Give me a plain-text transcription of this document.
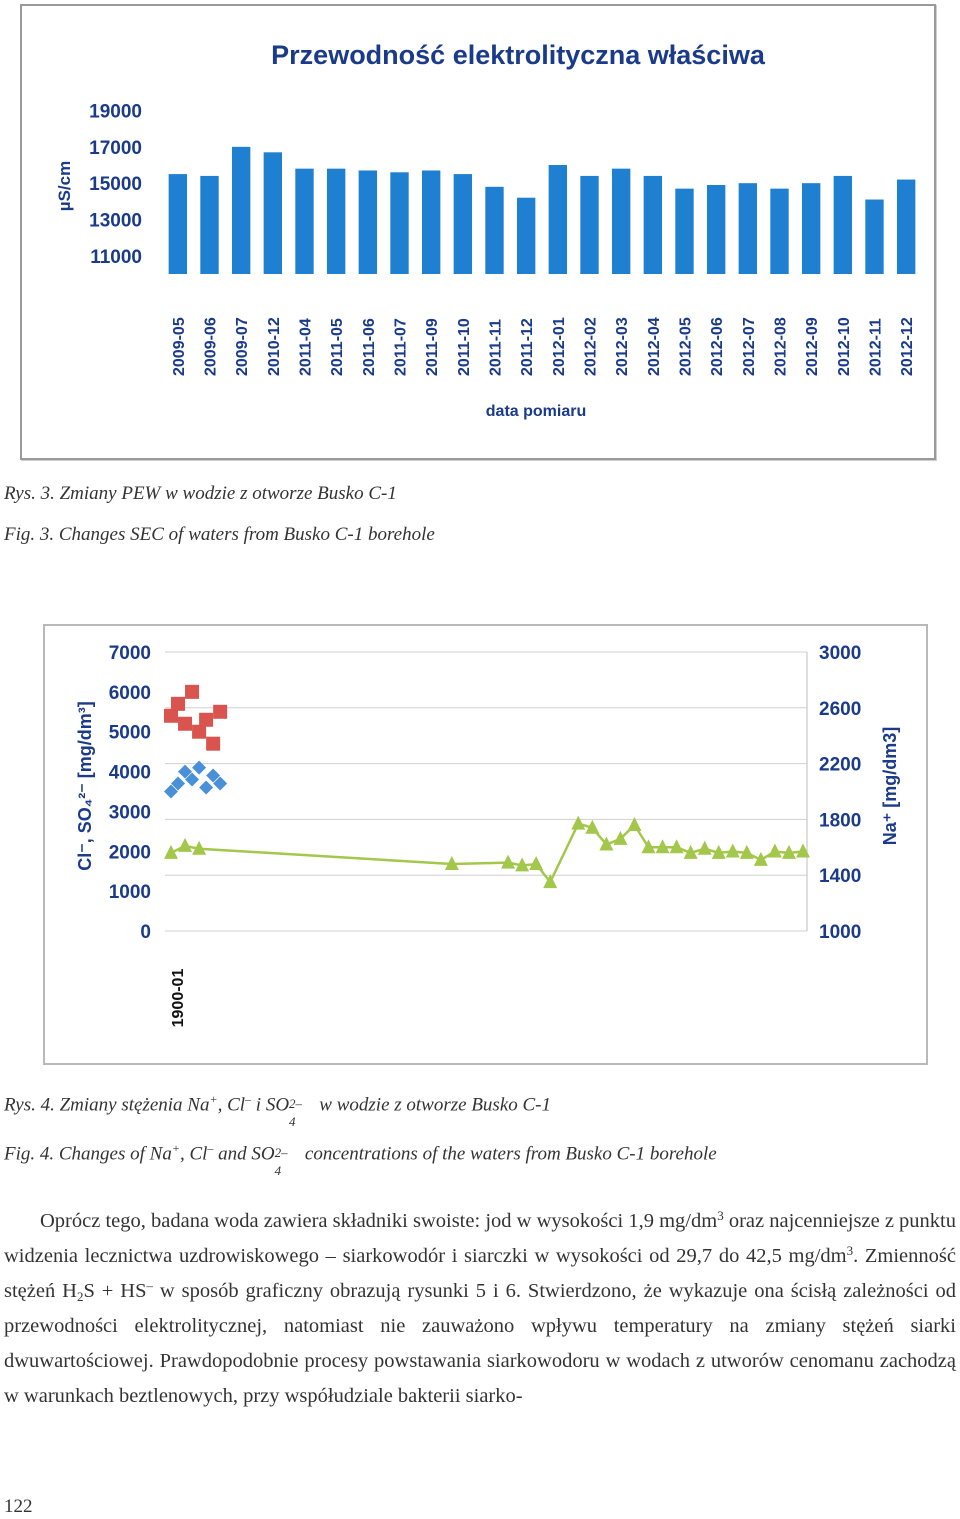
Przewodność elektrolityczna właściwa
µS/cm
data pomiaru
11000
13000
15000
17000
19000
2009-05 2009-06 2009-07 2010-12 2011-04 2011-05 2011-06 2011-07 2011-09 2011-10 2011-11 2011-12 2012-01 2012-02 2012-03 2012-04 2012-05 2012-06 2012-07 2012-08 2012-09 2012-10 2012-11 2012-12
Rys. 3. Zmiany PEW w wodzie z otworze Busko C-1
Fig. 3. Changes SEC of waters from Busko C-1 borehole
Cl⁻, SO₄²⁻ [mg/dm³]	Na⁺ [mg/dm3]
1000
1400
1800
2200
2600
3000
0
1000
2000
3000
4000
5000
6000
7000
1900-01
Rys. 4. Zmiany stężenia Na+, Cl– i SO 2–
4
w wodzie z otworze Busko C-1
Fig. 4. Changes of Na+, Cl– and SO 2–
4
concentrations of the waters from Busko C-1 borehole

Oprócz tego, badana woda zawiera składniki swoiste: jod w wysokości 1,9 $mg/dm^3$ oraz najcenniejsze z punktu widzenia lecznictwa uzdrowiskowego – siarkowodór i siarczki w wysokości od 29,7 do 42,5 $mg/dm^3$. Zmienność stężeń $H_2S + HS^-$ w sposób graficzny obrazują rysunki 5 i 6. Stwierdzono, że wykazuje ona ścisłą zależności od przewodności elektrolitycznej, natomiast nie zauważono wpływu temperatury na zmiany stężeń siarki dwuwartościowej. Prawdopodobnie procesy powstawania siarkowodoru w wodach z utworów cenomanu zachodzą w warunkach beztlenowych, przy współudziale bakterii siarko-

122
